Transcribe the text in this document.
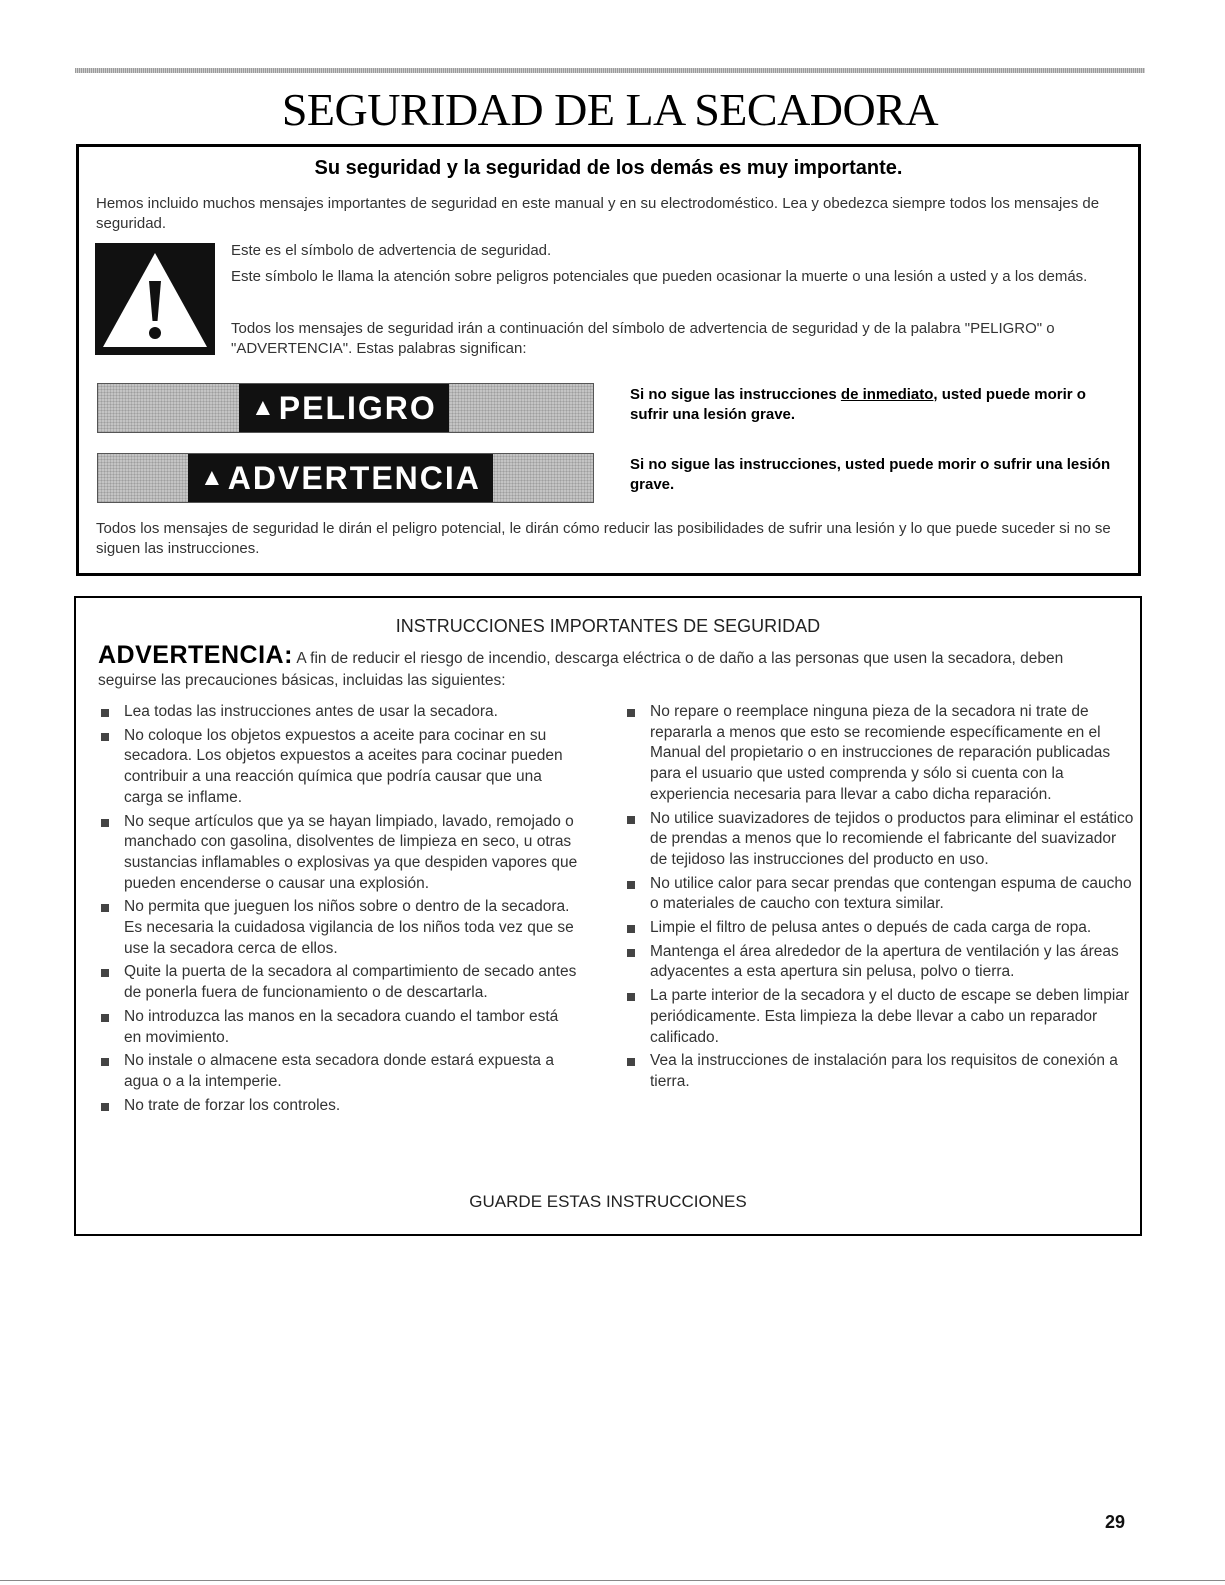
SEGURIDAD DE LA SECADORA
Su seguridad y la seguridad de los demás es muy importante.
Hemos incluido muchos mensajes importantes de seguridad en este manual y en su electrodoméstico. Lea y obedezca siempre todos los mensajes de seguridad.
Este es el símbolo de advertencia de seguridad.
Este símbolo le llama la atención sobre peligros potenciales que pueden ocasionar la muerte o una lesión a usted y a los demás.
Todos los mensajes de seguridad irán a continuación del símbolo de advertencia de seguridad y de la palabra "PELIGRO" o "ADVERTENCIA". Estas palabras significan:
▲ PELIGRO	Si no sigue las instrucciones de inmediato, usted puede morir o sufrir una lesión grave.
▲ ADVERTENCIA	Si no sigue las instrucciones, usted puede morir o sufrir una lesión grave.
Todos los mensajes de seguridad le dirán el peligro potencial, le dirán cómo reducir las posibilidades de sufrir una lesión y lo que puede suceder si no se siguen las instrucciones.
INSTRUCCIONES IMPORTANTES DE SEGURIDAD
ADVERTENCIA: A fin de reducir el riesgo de incendio, descarga eléctrica o de daño a las personas que usen la secadora, deben seguirse las precauciones básicas, incluidas las siguientes:
Lea todas las instrucciones antes de usar la secadora.
No coloque los objetos expuestos a aceite para cocinar en su secadora. Los objetos expuestos a aceites para cocinar pueden contribuir a una reacción química que podría causar que una carga se inflame.
No seque artículos que ya se hayan limpiado, lavado, remojado o manchado con gasolina, disolventes de limpieza en seco, u otras sustancias inflamables o explosivas ya que despiden vapores que pueden encenderse o causar una explosión.
No permita que jueguen los niños sobre o dentro de la secadora. Es necesaria la cuidadosa vigilancia de los niños toda vez que se use la secadora cerca de ellos.
Quite la puerta de la secadora al compartimiento de secado antes de ponerla fuera de funcionamiento o de descartarla.
No introduzca las manos en la secadora cuando el tambor está en movimiento.
No instale o almacene esta secadora donde estará expuesta a agua o a la intemperie.
No trate de forzar los controles.
No repare o reemplace ninguna pieza de la secadora ni trate de repararla a menos que esto se recomiende específicamente en el Manual del propietario o en instrucciones de reparación publicadas para el usuario que usted comprenda y sólo si cuenta con la experiencia necesaria para llevar a cabo dicha reparación.
No utilice suavizadores de tejidos o productos para eliminar el estático de prendas a menos que lo recomiende el fabricante del suavizador de tejidoso las instrucciones del producto en uso.
No utilice calor para secar prendas que contengan espuma de caucho o materiales de caucho con textura similar.
Limpie el filtro de pelusa antes o depués de cada carga de ropa.
Mantenga el área alrededor de la apertura de ventilación y las áreas adyacentes a esta apertura sin pelusa, polvo o tierra.
La parte interior de la secadora y el ducto de escape se deben limpiar periódicamente. Esta limpieza la debe llevar a cabo un reparador calificado.
Vea la instrucciones de instalación para los requisitos de conexión a tierra.
GUARDE ESTAS INSTRUCCIONES
29
